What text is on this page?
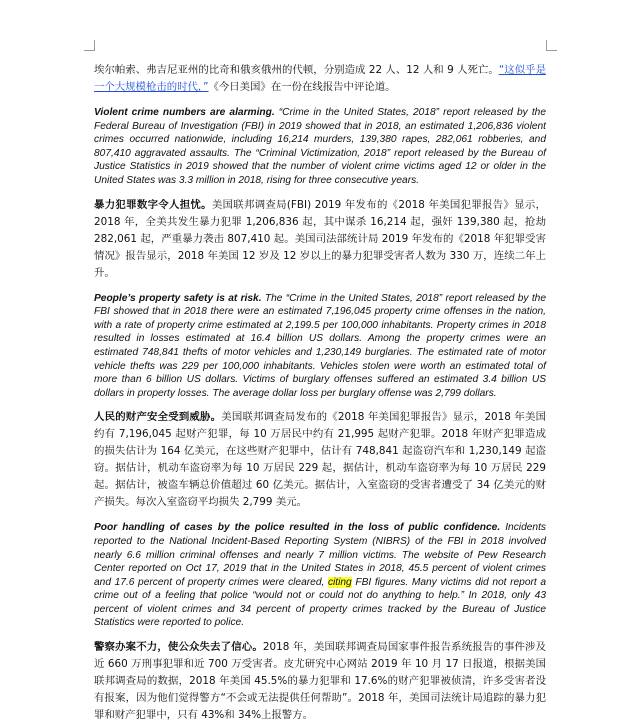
埃尔帕索、弗吉尼亚州的比奇和俄亥俄州的代顿，分别造成 22 人、12 人和 9 人死亡。“这似乎是一个大规模枪击的时代，”《今日美国》在一份在线报告中评论道。

Violent crime numbers are alarming. “Crime in the United States, 2018” report released by the Federal Bureau of Investigation (FBI) in 2019 showed that in 2018, an estimated 1,206,836 violent crimes occurred nationwide, including 16,214 murders, 139,380 rapes, 282,061 robberies, and 807,410 aggravated assaults. The “Criminal Victimization, 2018” report released by the Bureau of Justice Statistics in 2019 showed that the number of violent crime victims aged 12 or older in the United States was 3.3 million in 2018, rising for three consecutive years.

暴力犯罪数字令人担忧。美国联邦调查局(FBI) 2019 年发布的《2018 年美国犯罪报告》显示，2018 年，全美共发生暴力犯罪 1,206,836 起，其中谋杀 16,214 起，强奸 139,380 起，抢劫 282,061 起，严重暴力袭击 807,410 起。美国司法部统计局 2019 年发布的《2018 年犯罪受害情况》报告显示，2018 年美国 12 岁及 12 岁以上的暴力犯罪受害者人数为 330 万，连续二年上升。

People’s property safety is at risk. The “Crime in the United States, 2018” report released by the FBI showed that in 2018 there were an estimated 7,196,045 property crime offenses in the nation, with a rate of property crime estimated at 2,199.5 per 100,000 inhabitants. Property crimes in 2018 resulted in losses estimated at 16.4 billion US dollars. Among the property crimes were an estimated 748,841 thefts of motor vehicles and 1,230,149 burglaries. The estimated rate of motor vehicle thefts was 229 per 100,000 inhabitants. Vehicles stolen were worth an estimated total of more than 6 billion US dollars. Victims of burglary offenses suffered an estimated 3.4 billion US dollars in property losses. The average dollar loss per burglary offense was 2,799 dollars.

人民的财产安全受到威胁。美国联邦调查局发布的《2018 年美国犯罪报告》显示，2018 年美国约有 7,196,045 起财产犯罪，每 10 万居民中约有 21,995 起财产犯罪。2018 年财产犯罪造成的损失估计为 164 亿美元，在这些财产犯罪中，估计有 748,841 起盗窃汽车和 1,230,149 起盗窃。据估计，机动车盗窃率为每 10 万居民 229 起，据估计，机动车盗窃率为每 10 万居民 229 起。据估计，被盗车辆总价值超过 60 亿美元。据估计，入室盗窃的受害者遭受了 34 亿美元的财产损失。每次入室盗窃平均损失 2,799 美元。

Poor handling of cases by the police resulted in the loss of public confidence. Incidents reported to the National Incident-Based Reporting System (NIBRS) of the FBI in 2018 involved nearly 6.6 million criminal offenses and nearly 7 million victims. The website of Pew Research Center reported on Oct 17, 2019 that in the United States in 2018, 45.5 percent of violent crimes and 17.6 percent of property crimes were cleared, citing FBI figures. Many victims did not report a crime out of a feeling that police “would not or could not do anything to help.” In 2018, only 43 percent of violent crimes and 34 percent of property crimes tracked by the Bureau of Justice Statistics were reported to police.

警察办案不力，使公众失去了信心。2018 年，美国联邦调查局国家事件报告系统报告的事件涉及近 660 万刑事犯罪和近 700 万受害者。皮尤研究中心网站 2019 年 10 月 17 日报道，根据美国联邦调查局的数据，2018 年美国 45.5%的暴力犯罪和 17.6%的财产犯罪被侦清，许多受害者没有报案，因为他们觉得警方“不会或无法提供任何帮助”。2018 年，美国司法统计局追踪的暴力犯罪和财产犯罪中，只有 43%和 34%上报警方。
